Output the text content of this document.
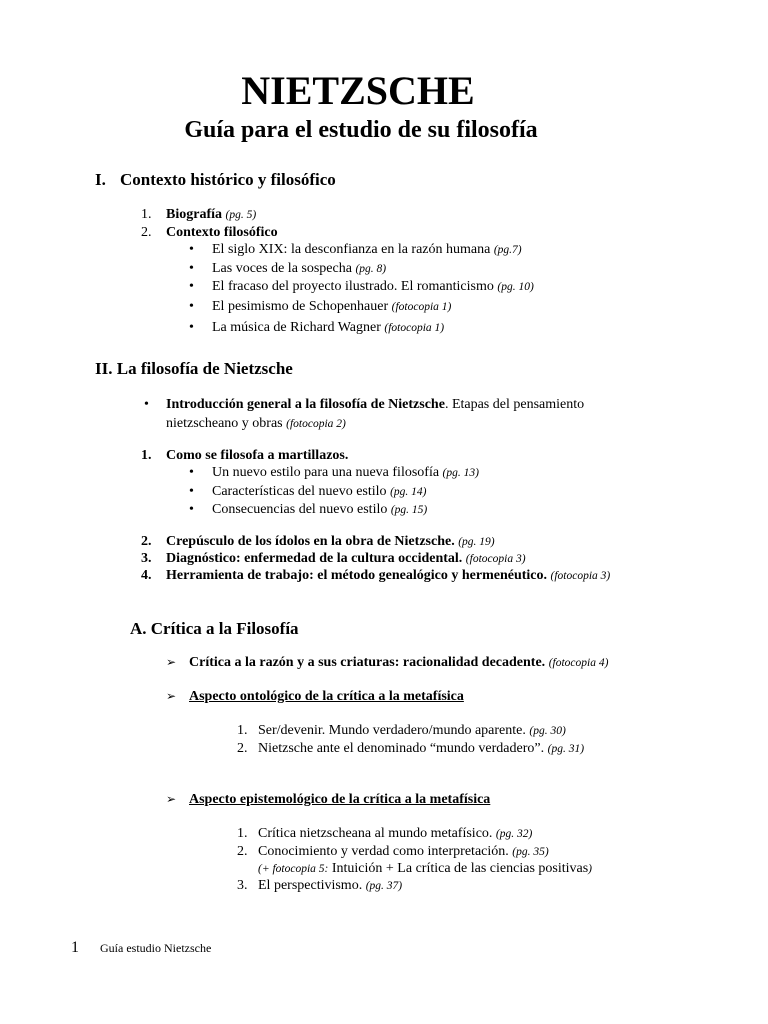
NIETZSCHE
Guía para el estudio de su filosofía
I. Contexto histórico y filosófico
1. Biografía (pg. 5)
2. Contexto filosófico
• El siglo XIX: la desconfianza en la razón humana (pg.7)
• Las voces de la sospecha (pg. 8)
• El fracaso del proyecto ilustrado. El romanticismo (pg. 10)
• El pesimismo de Schopenhauer (fotocopia 1)
• La música de Richard Wagner (fotocopia 1)
II. La filosofía de Nietzsche
• Introducción general a la filosofía de Nietzsche. Etapas del pensamiento
nietzscheano y obras (fotocopia 2)
1. Como se filosofa a martillazos.
• Un nuevo estilo para una nueva filosofía (pg. 13)
• Características del nuevo estilo (pg. 14)
• Consecuencias del nuevo estilo (pg. 15)
2. Crepúsculo de los ídolos en la obra de Nietzsche. (pg. 19)
3. Diagnóstico: enfermedad de la cultura occidental. (fotocopia 3)
4. Herramienta de trabajo: el método genealógico y hermenéutico. (fotocopia 3)
A. Crítica a la Filosofía
➢ Crítica a la razón y a sus criaturas: racionalidad decadente. (fotocopia 4)
➢ Aspecto ontológico de la crítica a la metafísica
1. Ser/devenir. Mundo verdadero/mundo aparente. (pg. 30)
2. Nietzsche ante el denominado “mundo verdadero”. (pg. 31)
➢ Aspecto epistemológico de la crítica a la metafísica
1. Crítica nietzscheana al mundo metafísico. (pg. 32)
2. Conocimiento y verdad como interpretación. (pg. 35)
(+ fotocopia 5: Intuición + La crítica de las ciencias positivas)
3. El perspectivismo. (pg. 37)
1 Guía estudio Nietzsche
